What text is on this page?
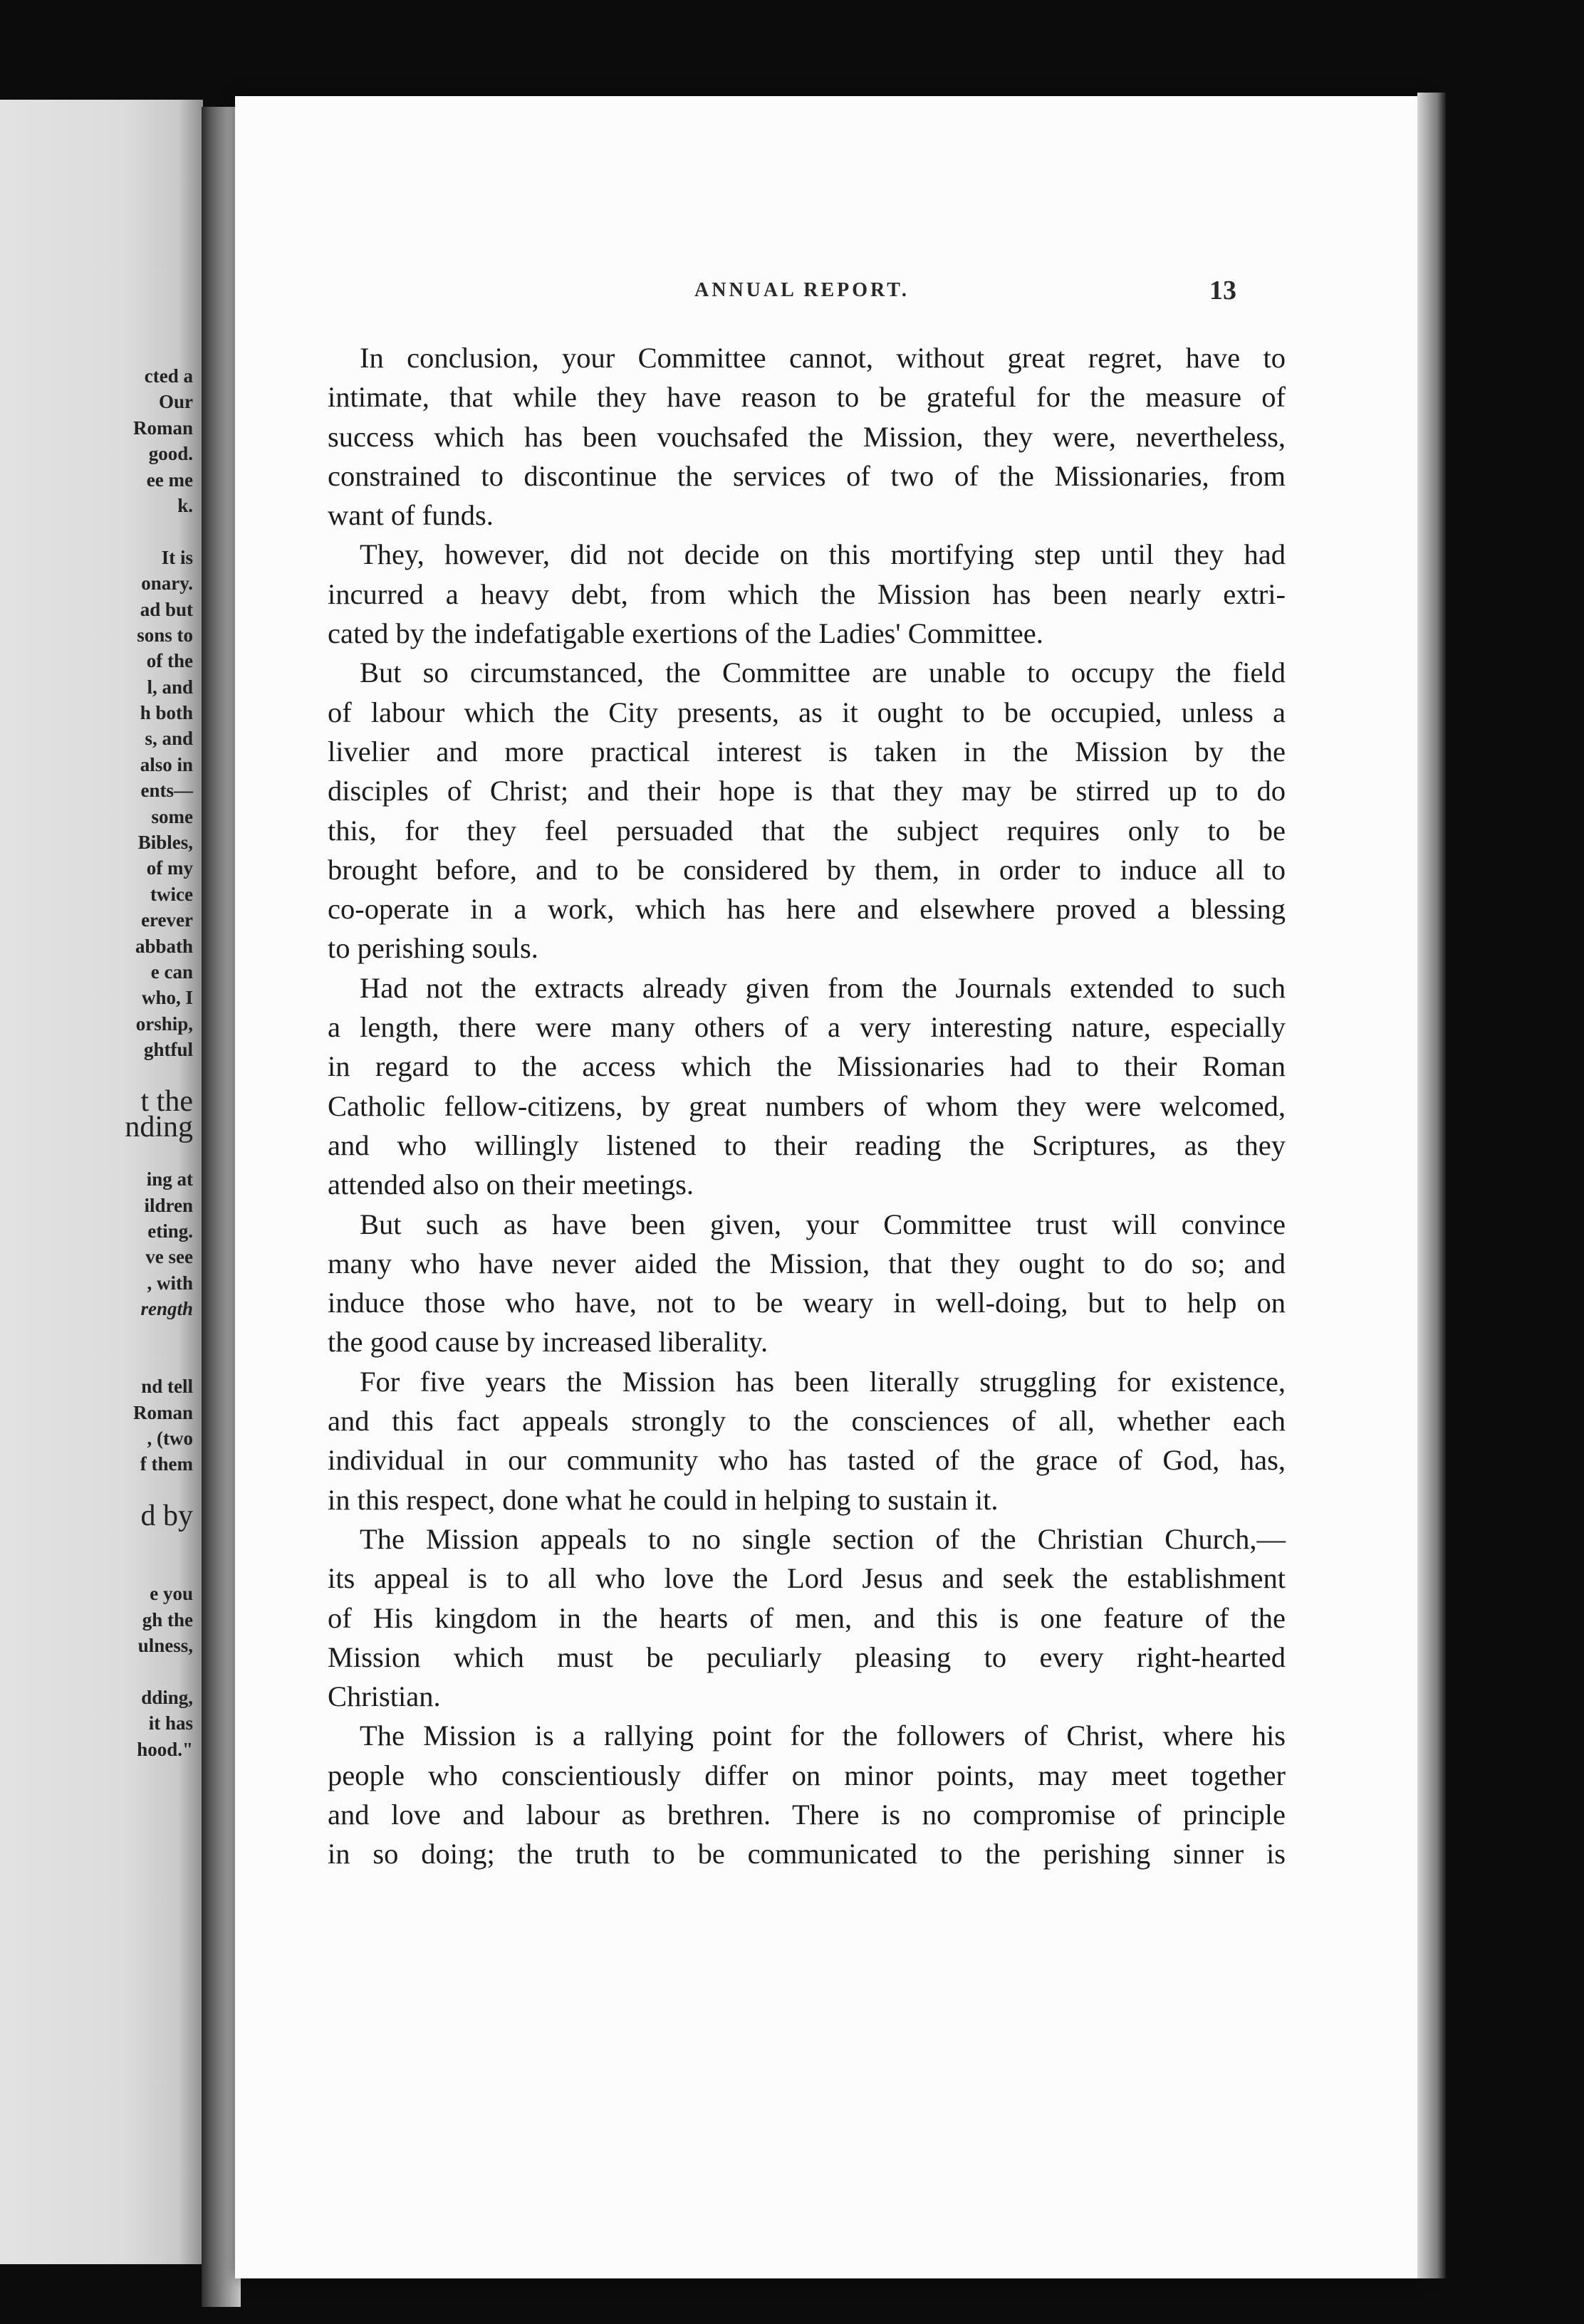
cted a
Our
Roman
good.
ee me
k.
It is
onary.
ad but
sons to
of the
l, and
h both
s, and
also in
ents—
some
Bibles,
of my
twice
erever
abbath
e can
who, I
orship,
ghtful
t the
nding
ing at
ildren
eting.
ve see
, with
rength
nd tell
Roman
, (two
f them
d by
e you
gh the
ulness,
dding,
it has
hood."
ANNUAL REPORT.	13
In conclusion, your Committee cannot, without great regret, have to
intimate, that while they have reason to be grateful for the measure of
success which has been vouchsafed the Mission, they were, nevertheless,
constrained to discontinue the services of two of the Missionaries, from
want of funds.
They, however, did not decide on this mortifying step until they had
incurred a heavy debt, from which the Mission has been nearly extri-
cated by the indefatigable exertions of the Ladies' Committee.
But so circumstanced, the Committee are unable to occupy the field
of labour which the City presents, as it ought to be occupied, unless a
livelier and more practical interest is taken in the Mission by the
disciples of Christ; and their hope is that they may be stirred up to do
this, for they feel persuaded that the subject requires only to be
brought before, and to be considered by them, in order to induce all to
co-operate in a work, which has here and elsewhere proved a blessing
to perishing souls.
Had not the extracts already given from the Journals extended to such
a length, there were many others of a very interesting nature, especially
in regard to the access which the Missionaries had to their Roman
Catholic fellow-citizens, by great numbers of whom they were welcomed,
and who willingly listened to their reading the Scriptures, as they
attended also on their meetings.
But such as have been given, your Committee trust will convince
many who have never aided the Mission, that they ought to do so; and
induce those who have, not to be weary in well-doing, but to help on
the good cause by increased liberality.
For five years the Mission has been literally struggling for existence,
and this fact appeals strongly to the consciences of all, whether each
individual in our community who has tasted of the grace of God, has,
in this respect, done what he could in helping to sustain it.
The Mission appeals to no single section of the Christian Church,—
its appeal is to all who love the Lord Jesus and seek the establishment
of His kingdom in the hearts of men, and this is one feature of the
Mission which must be peculiarly pleasing to every right-hearted
Christian.
The Mission is a rallying point for the followers of Christ, where his
people who conscientiously differ on minor points, may meet together
and love and labour as brethren. There is no compromise of principle
in so doing; the truth to be communicated to the perishing sinner is
